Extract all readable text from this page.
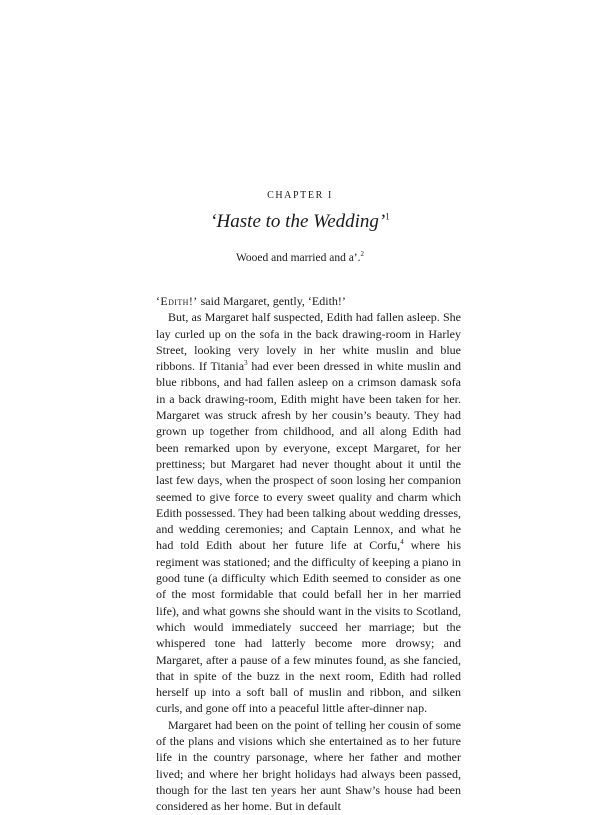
CHAPTER I
‘Haste to the Wedding’$^1$
Wooed and married and a’.$^2$

‘Edith!’ said Margaret, gently, ‘Edith!’

But, as Margaret half suspected, Edith had fallen asleep. She lay curled up on the sofa in the back drawing-room in Harley Street, looking very lovely in her white muslin and blue ribbons. If Titania$^3$ had ever been dressed in white muslin and blue ribbons, and had fallen asleep on a crimson damask sofa in a back drawing-room, Edith might have been taken for her. Margaret was struck afresh by her cousin’s beauty. They had grown up together from childhood, and all along Edith had been remarked upon by everyone, except Margaret, for her prettiness; but Margaret had never thought about it until the last few days, when the prospect of soon losing her companion seemed to give force to every sweet quality and charm which Edith possessed. They had been talking about wedding dresses, and wedding ceremonies; and Captain Lennox, and what he had told Edith about her future life at Corfu,$^4$ where his regiment was stationed; and the difficulty of keeping a piano in good tune (a difficulty which Edith seemed to consider as one of the most formidable that could befall her in her married life), and what gowns she should want in the visits to Scotland, which would immediately succeed her marriage; but the whispered tone had latterly become more drowsy; and Margaret, after a pause of a few minutes found, as she fancied, that in spite of the buzz in the next room, Edith had rolled herself up into a soft ball of muslin and ribbon, and silken curls, and gone off into a peaceful little after-dinner nap.

Margaret had been on the point of telling her cousin of some of the plans and visions which she entertained as to her future life in the country parsonage, where her father and mother lived; and where her bright holidays had always been passed, though for the last ten years her aunt Shaw’s house had been considered as her home. But in default
